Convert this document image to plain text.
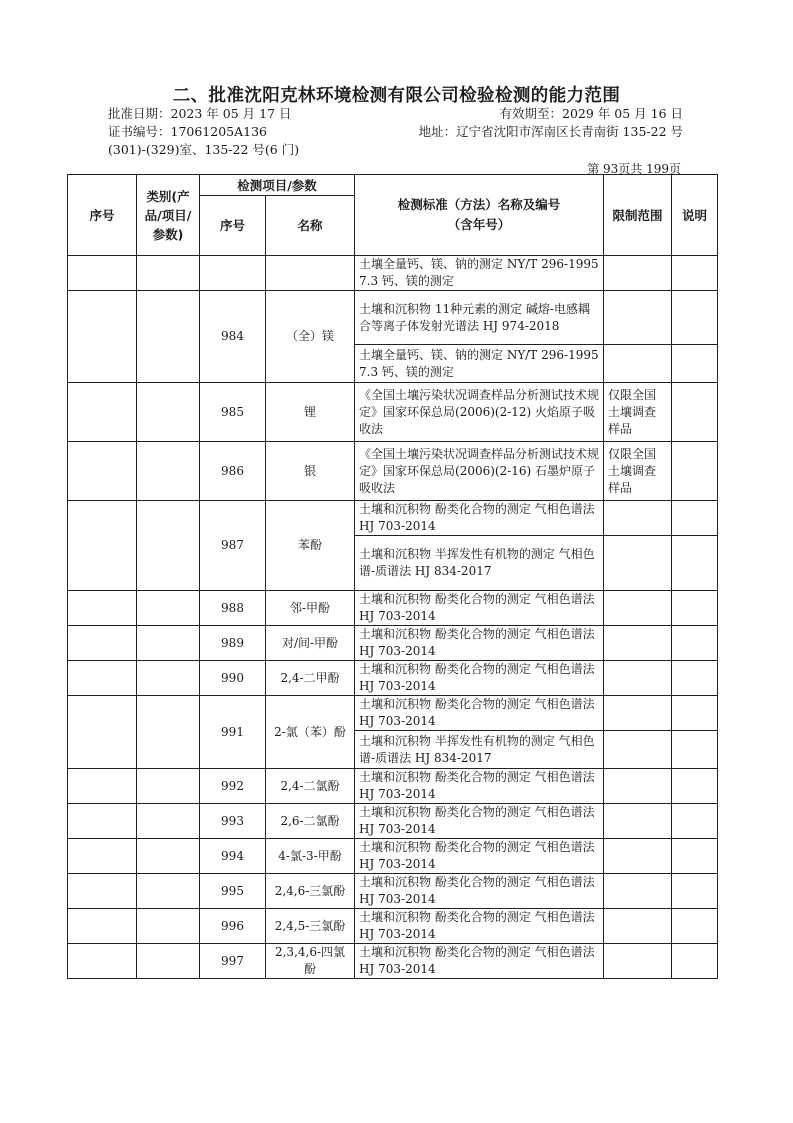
二、批准沈阳克林环境检测有限公司检验检测的能力范围
批准日期：2023 年 05 月 17 日	有效期至：2029 年 05 月 16 日
证书编号：17061205A136	地址：辽宁省沈阳市浑南区长青南街 135-22 号
(301)-(329)室、135-22 号(6 门)
第 93页共 199页
序号	类别(产品/项目/参数)	检测项目/参数		检测标准（方法）名称及编号（含年号）	限制范围	说明
		序号	名称			
				土壤全量钙、镁、钠的测定 NY/T 296-1995 7.3 钙、镁的测定		
		984	（全）镁	土壤和沉积物 11种元素的测定 碱熔-电感耦合等离子体发射光谱法 HJ 974-2018		
				土壤全量钙、镁、钠的测定 NY/T 296-1995 7.3 钙、镁的测定		
		985	锂	《全国土壤污染状况调查样品分析测试技术规定》国家环保总局(2006)(2-12) 火焰原子吸收法	仅限全国土壤调查样品	
		986	银	《全国土壤污染状况调查样品分析测试技术规定》国家环保总局(2006)(2-16) 石墨炉原子吸收法	仅限全国土壤调查样品	
		987	苯酚	土壤和沉积物 酚类化合物的测定 气相色谱法 HJ 703-2014		
				土壤和沉积物 半挥发性有机物的测定 气相色谱-质谱法 HJ 834-2017		
		988	邻-甲酚	土壤和沉积物 酚类化合物的测定 气相色谱法 HJ 703-2014		
		989	对/间-甲酚	土壤和沉积物 酚类化合物的测定 气相色谱法 HJ 703-2014		
		990	2,4-二甲酚	土壤和沉积物 酚类化合物的测定 气相色谱法 HJ 703-2014		
		991	2-氯（苯）酚	土壤和沉积物 酚类化合物的测定 气相色谱法 HJ 703-2014		
				土壤和沉积物 半挥发性有机物的测定 气相色谱-质谱法 HJ 834-2017		
		992	2,4-二氯酚	土壤和沉积物 酚类化合物的测定 气相色谱法 HJ 703-2014		
		993	2,6-二氯酚	土壤和沉积物 酚类化合物的测定 气相色谱法 HJ 703-2014		
		994	4-氯-3-甲酚	土壤和沉积物 酚类化合物的测定 气相色谱法 HJ 703-2014		
		995	2,4,6-三氯酚	土壤和沉积物 酚类化合物的测定 气相色谱法 HJ 703-2014		
		996	2,4,5-三氯酚	土壤和沉积物 酚类化合物的测定 气相色谱法 HJ 703-2014		
		997	2,3,4,6-四氯酚	土壤和沉积物 酚类化合物的测定 气相色谱法 HJ 703-2014		
